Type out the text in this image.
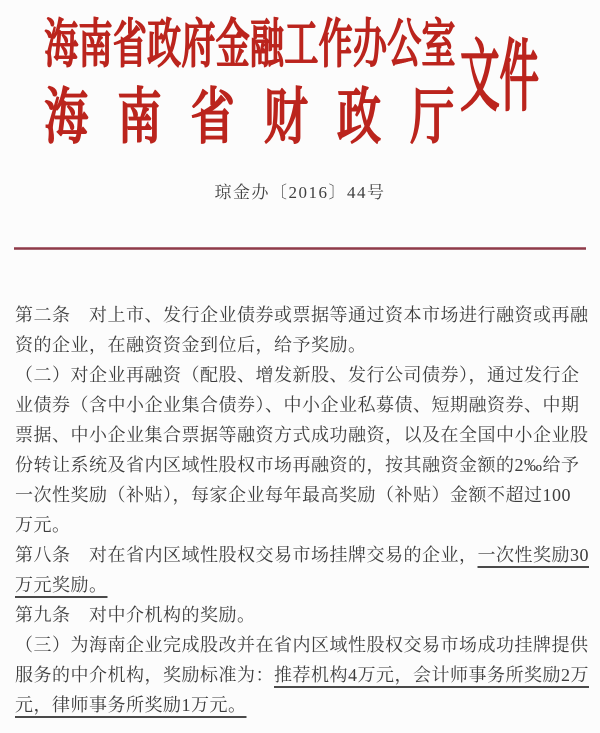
海南省政府金融工作办公室
海 南 省 财 政 厅 文件
琼金办〔2016〕44号
第二条　对上市、发行企业债券或票据等通过资本市场进行融资或再融
资的企业，在融资资金到位后，给予奖励。
（二）对企业再融资（配股、增发新股、发行公司债券），通过发行企
业债券（含中小企业集合债券）、中小企业私募债、短期融资券、中期
票据、中小企业集合票据等融资方式成功融资，以及在全国中小企业股
份转让系统及省内区域性股权市场再融资的，按其融资金额的2‰给予
一次性奖励（补贴），每家企业每年最高奖励（补贴）金额不超过100
万元。
第八条　对在省内区域性股权交易市场挂牌交易的企业，一次性奖励30
万元奖励。
第九条　对中介机构的奖励。
（三）为海南企业完成股改并在省内区域性股权交易市场成功挂牌提供
服务的中介机构，奖励标准为：推荐机构4万元，会计师事务所奖励2万
元，律师事务所奖励1万元。
